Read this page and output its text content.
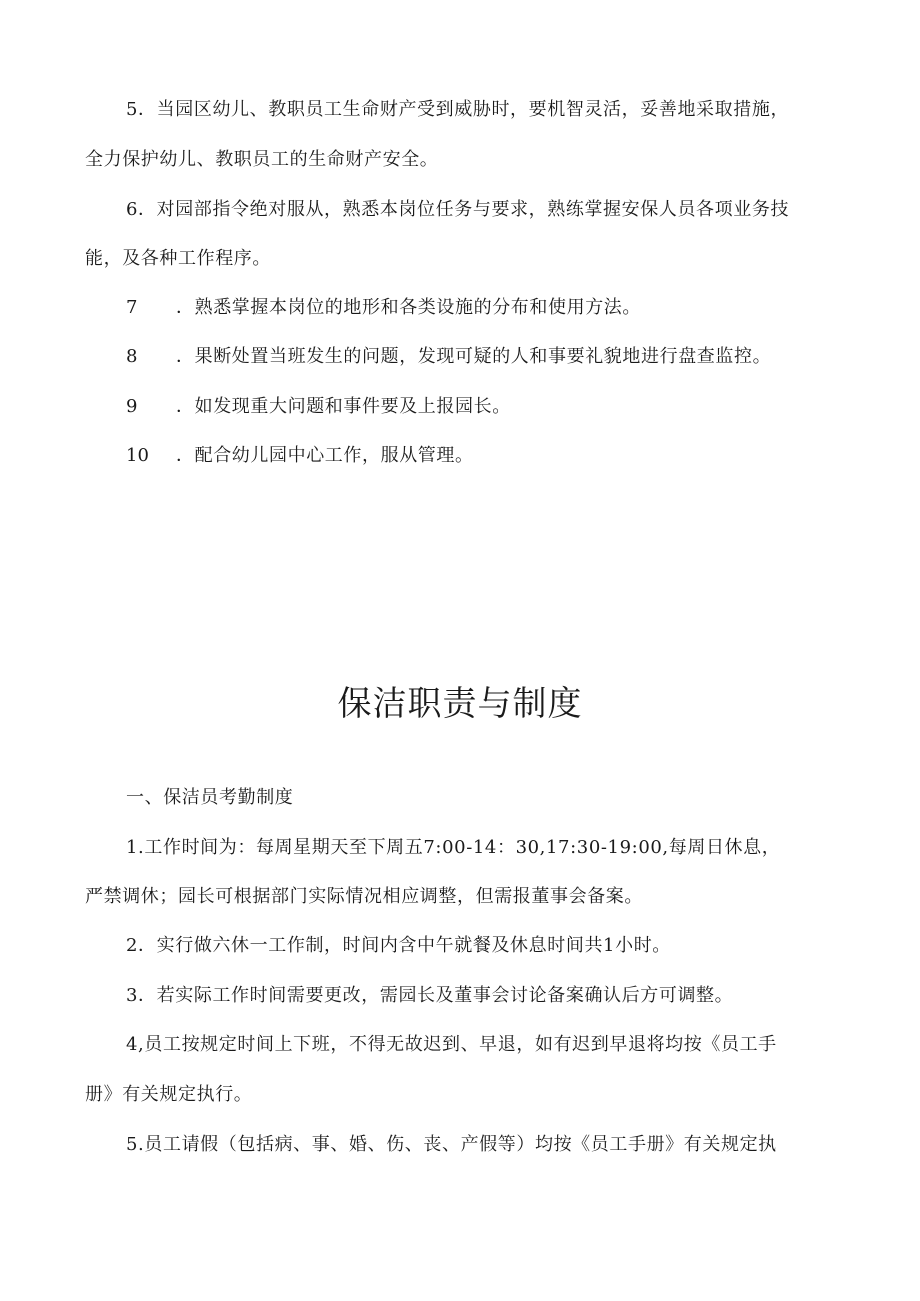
5．当园区幼儿、教职员工生命财产受到威胁时，要机智灵活，妥善地采取措施，
全力保护幼儿、教职员工的生命财产安全。
6．对园部指令绝对服从，熟悉本岗位任务与要求，熟练掌握安保人员各项业务技
能，及各种工作程序。
7 ．熟悉掌握本岗位的地形和各类设施的分布和使用方法。
8 ．果断处置当班发生的问题，发现可疑的人和事要礼貌地进行盘查监控。
9 ．如发现重大问题和事件要及上报园长。
10 ．配合幼儿园中心工作，服从管理。
保洁职责与制度
一、保洁员考勤制度
1.工作时间为：每周星期天至下周五7:00-14：30,17:30-19:00,每周日休息，
严禁调休；园长可根据部门实际情况相应调整，但需报董事会备案。
2．实行做六休一工作制，时间内含中午就餐及休息时间共1小时。
3．若实际工作时间需要更改，需园长及董事会讨论备案确认后方可调整。
4,员工按规定时间上下班，不得无故迟到、早退，如有迟到早退将均按《员工手
册》有关规定执行。
5.员工请假（包括病、事、婚、伤、丧、产假等）均按《员工手册》有关规定执
